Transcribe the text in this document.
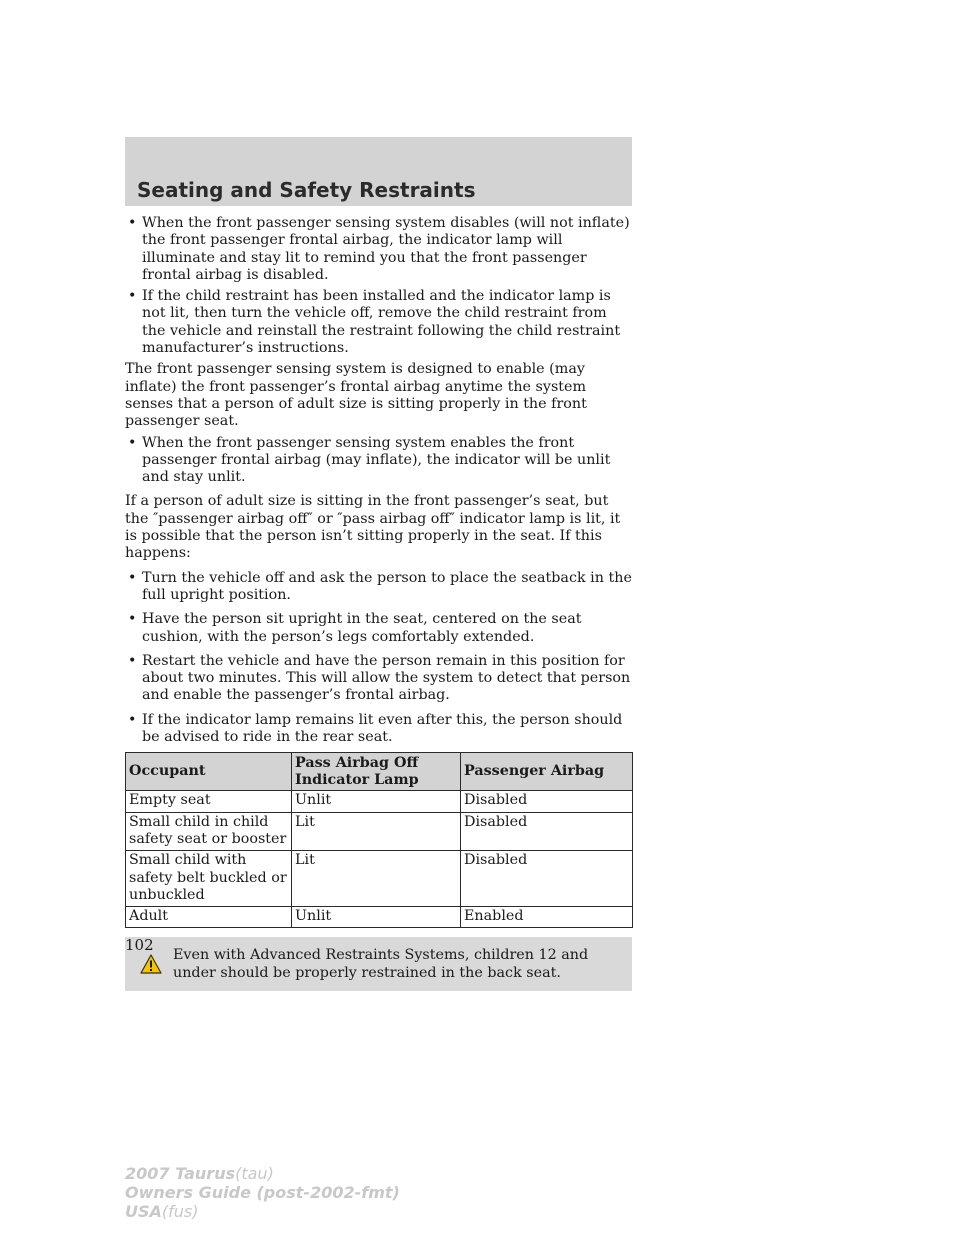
Seating and Safety Restraints

• When the front passenger sensing system disables (will not inflate) the front passenger frontal airbag, the indicator lamp will illuminate and stay lit to remind you that the front passenger frontal airbag is disabled.

• If the child restraint has been installed and the indicator lamp is not lit, then turn the vehicle off, remove the child restraint from the vehicle and reinstall the restraint following the child restraint manufacturer’s instructions.

The front passenger sensing system is designed to enable (may inflate) the front passenger’s frontal airbag anytime the system senses that a person of adult size is sitting properly in the front passenger seat.

• When the front passenger sensing system enables the front passenger frontal airbag (may inflate), the indicator will be unlit and stay unlit.

If a person of adult size is sitting in the front passenger’s seat, but the ″passenger airbag off″ or ″pass airbag off″ indicator lamp is lit, it is possible that the person isn’t sitting properly in the seat. If this happens:

• Turn the vehicle off and ask the person to place the seatback in the full upright position.

• Have the person sit upright in the seat, centered on the seat cushion, with the person’s legs comfortably extended.

• Restart the vehicle and have the person remain in this position for about two minutes. This will allow the system to detect that person and enable the passenger’s frontal airbag.

• If the indicator lamp remains lit even after this, the person should be advised to ride in the rear seat.

Occupant	Pass Airbag Off Indicator Lamp	Passenger Airbag
Empty seat	Unlit	Disabled
Small child in child safety seat or booster	Lit	Disabled
Small child with safety belt buckled or unbuckled	Lit	Disabled
Adult	Unlit	Enabled
Even with Advanced Restraints Systems, children 12 and under should be properly restrained in the back seat.

102

2007 Taurus(tau)
Owners Guide (post-2002-fmt)
USA(fus)
